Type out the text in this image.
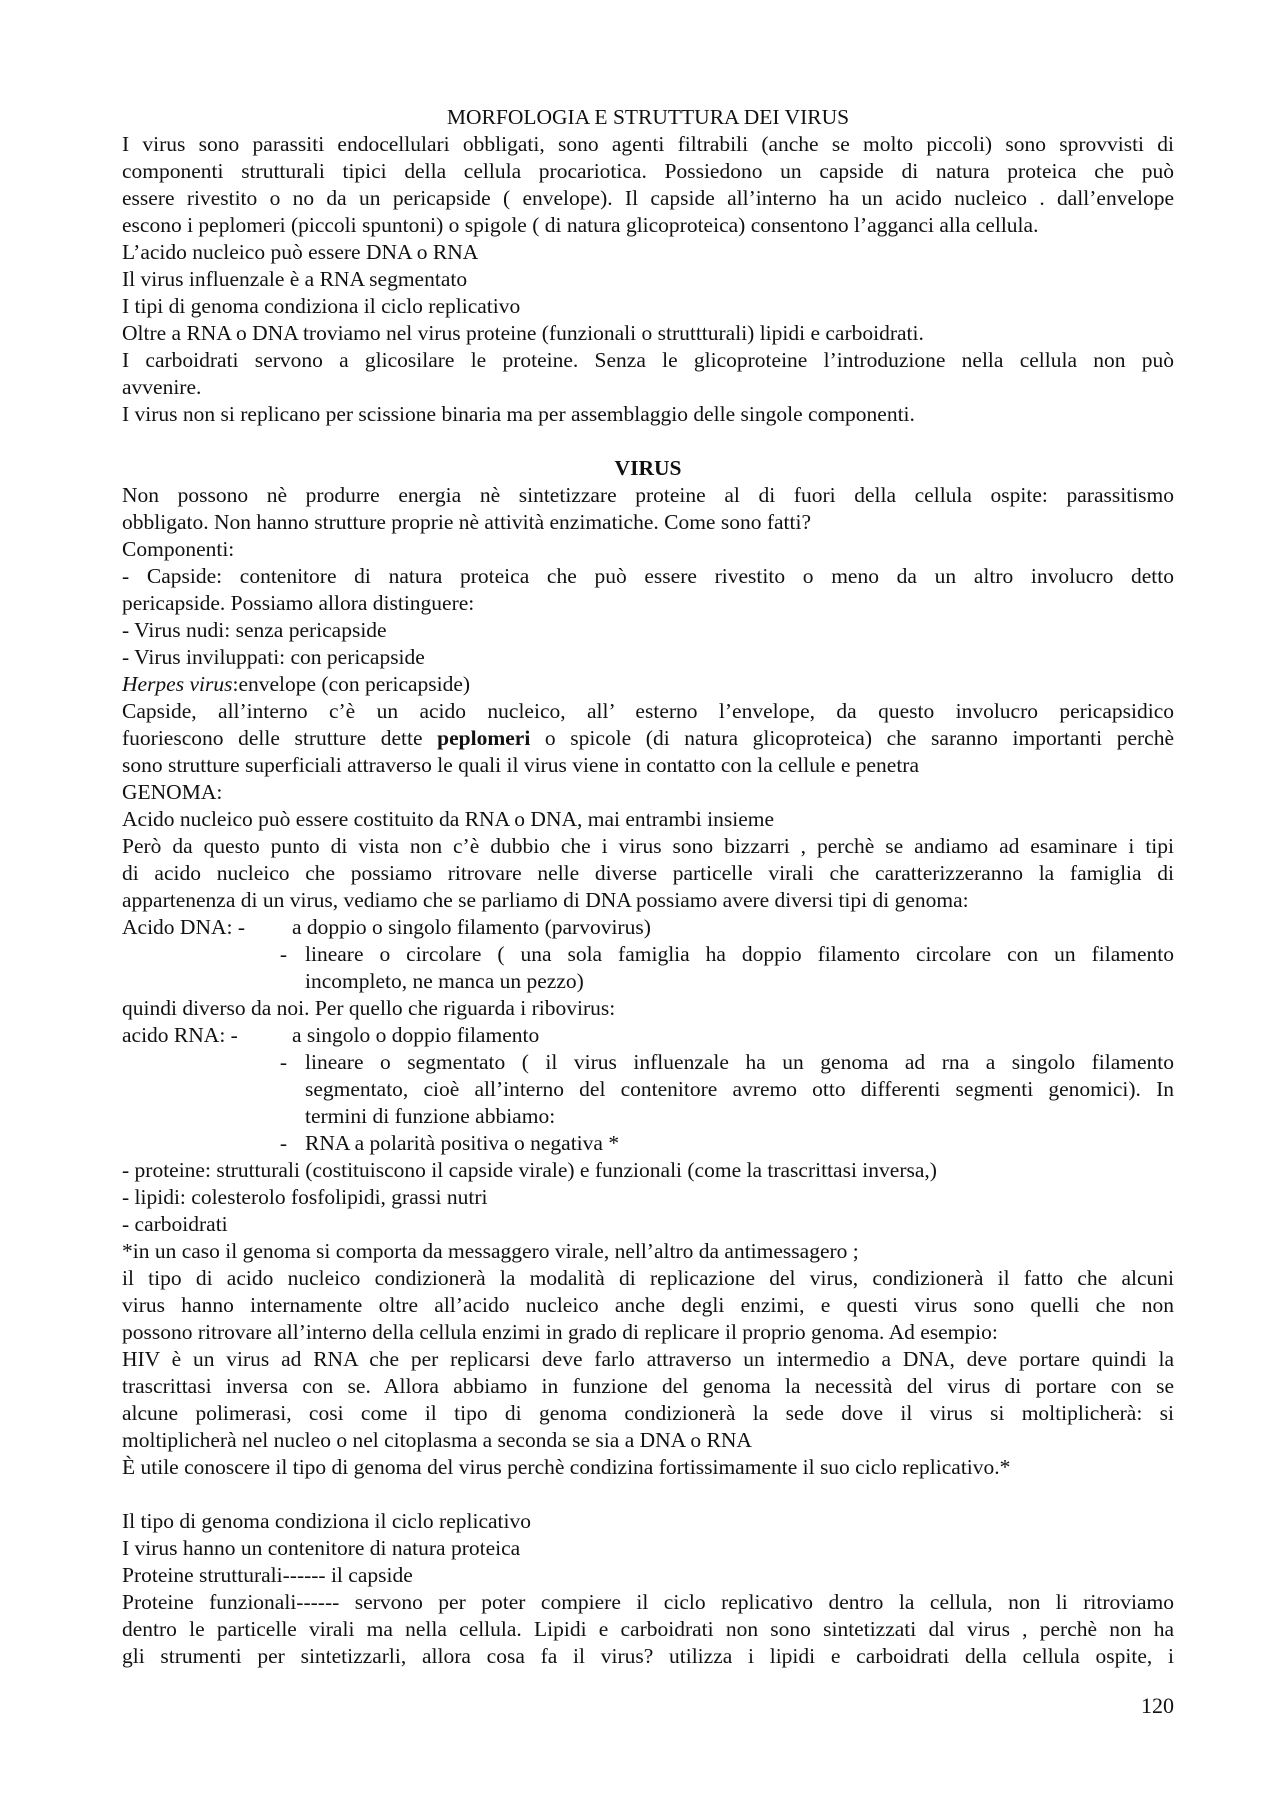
MORFOLOGIA E STRUTTURA DEI VIRUS

I virus sono parassiti endocellulari obbligati, sono agenti filtrabili (anche se molto piccoli) sono sprovvisti di

componenti strutturali tipici della cellula procariotica. Possiedono un capside di natura proteica che può

essere rivestito o no da un pericapside ( envelope). Il capside all’interno ha un acido nucleico . dall’envelope

escono i peplomeri (piccoli spuntoni) o spigole ( di natura glicoproteica) consentono l’agganci alla cellula.

L’acido nucleico può essere DNA o RNA

Il virus influenzale è a RNA segmentato

I tipi di genoma condiziona il ciclo replicativo

Oltre a RNA o DNA troviamo nel virus proteine (funzionali o struttturali) lipidi e carboidrati.

I carboidrati servono a glicosilare le proteine. Senza le glicoproteine l’introduzione nella cellula non può

avvenire.

I virus non si replicano per scissione binaria ma per assemblaggio delle singole componenti.

VIRUS

Non possono nè produrre energia nè sintetizzare proteine al di fuori della cellula ospite: parassitismo

obbligato. Non hanno strutture proprie nè attività enzimatiche. Come sono fatti?

Componenti:

- Capside: contenitore di natura proteica che può essere rivestito o meno da un altro involucro detto

pericapside. Possiamo allora distinguere:

- Virus nudi: senza pericapside

- Virus inviluppati: con pericapside

Herpes virus:envelope (con pericapside)

Capside, all’interno c’è un acido nucleico, all’ esterno l’envelope, da questo involucro pericapsidico

fuoriescono delle strutture dette peplomeri o spicole (di natura glicoproteica) che saranno importanti perchè

sono strutture superficiali attraverso le quali il virus viene in contatto con la cellule e penetra

GENOMA:

Acido nucleico può essere costituito da RNA o DNA, mai entrambi insieme

Però da questo punto di vista non c’è dubbio che i virus sono bizzarri , perchè se andiamo ad esaminare i tipi

di acido nucleico che possiamo ritrovare nelle diverse particelle virali che caratterizzeranno la famiglia di

appartenenza di un virus, vediamo che se parliamo di DNA possiamo avere diversi tipi di genoma:

Acido DNA: -	a doppio o singolo filamento (parvovirus)
- lineare o circolare ( una sola famiglia ha doppio filamento circolare con un filamento

incompleto, ne manca un pezzo)

quindi diverso da noi. Per quello che riguarda i ribovirus:

acido RNA: -	a singolo o doppio filamento
- lineare o segmentato ( il virus influenzale ha un genoma ad rna a singolo filamento

segmentato, cioè all’interno del contenitore avremo otto differenti segmenti genomici). In

termini di funzione abbiamo:

- RNA a polarità positiva o negativa *

- proteine: strutturali (costituiscono il capside virale) e funzionali (come la trascrittasi inversa,)

- lipidi: colesterolo fosfolipidi, grassi nutri

- carboidrati

*in un caso il genoma si comporta da messaggero virale, nell’altro da antimessagero ;

il tipo di acido nucleico condizionerà la modalità di replicazione del virus, condizionerà il fatto che alcuni

virus hanno internamente oltre all’acido nucleico anche degli enzimi, e questi virus sono quelli che non

possono ritrovare all’interno della cellula enzimi in grado di replicare il proprio genoma. Ad esempio:

HIV è un virus ad RNA che per replicarsi deve farlo attraverso un intermedio a DNA, deve portare quindi la

trascrittasi inversa con se. Allora abbiamo in funzione del genoma la necessità del virus di portare con se

alcune polimerasi, cosi come il tipo di genoma condizionerà la sede dove il virus si moltiplicherà: si

moltiplicherà nel nucleo o nel citoplasma a seconda se sia a DNA o RNA

È utile conoscere il tipo di genoma del virus perchè condizina fortissimamente il suo ciclo replicativo.*

Il tipo di genoma condiziona il ciclo replicativo

I virus hanno un contenitore di natura proteica

Proteine strutturali------ il capside

Proteine funzionali------ servono per poter compiere il ciclo replicativo dentro la cellula, non li ritroviamo

dentro le particelle virali ma nella cellula. Lipidi e carboidrati non sono sintetizzati dal virus , perchè non ha

gli strumenti per sintetizzarli, allora cosa fa il virus? utilizza i lipidi e carboidrati della cellula ospite, i

120
